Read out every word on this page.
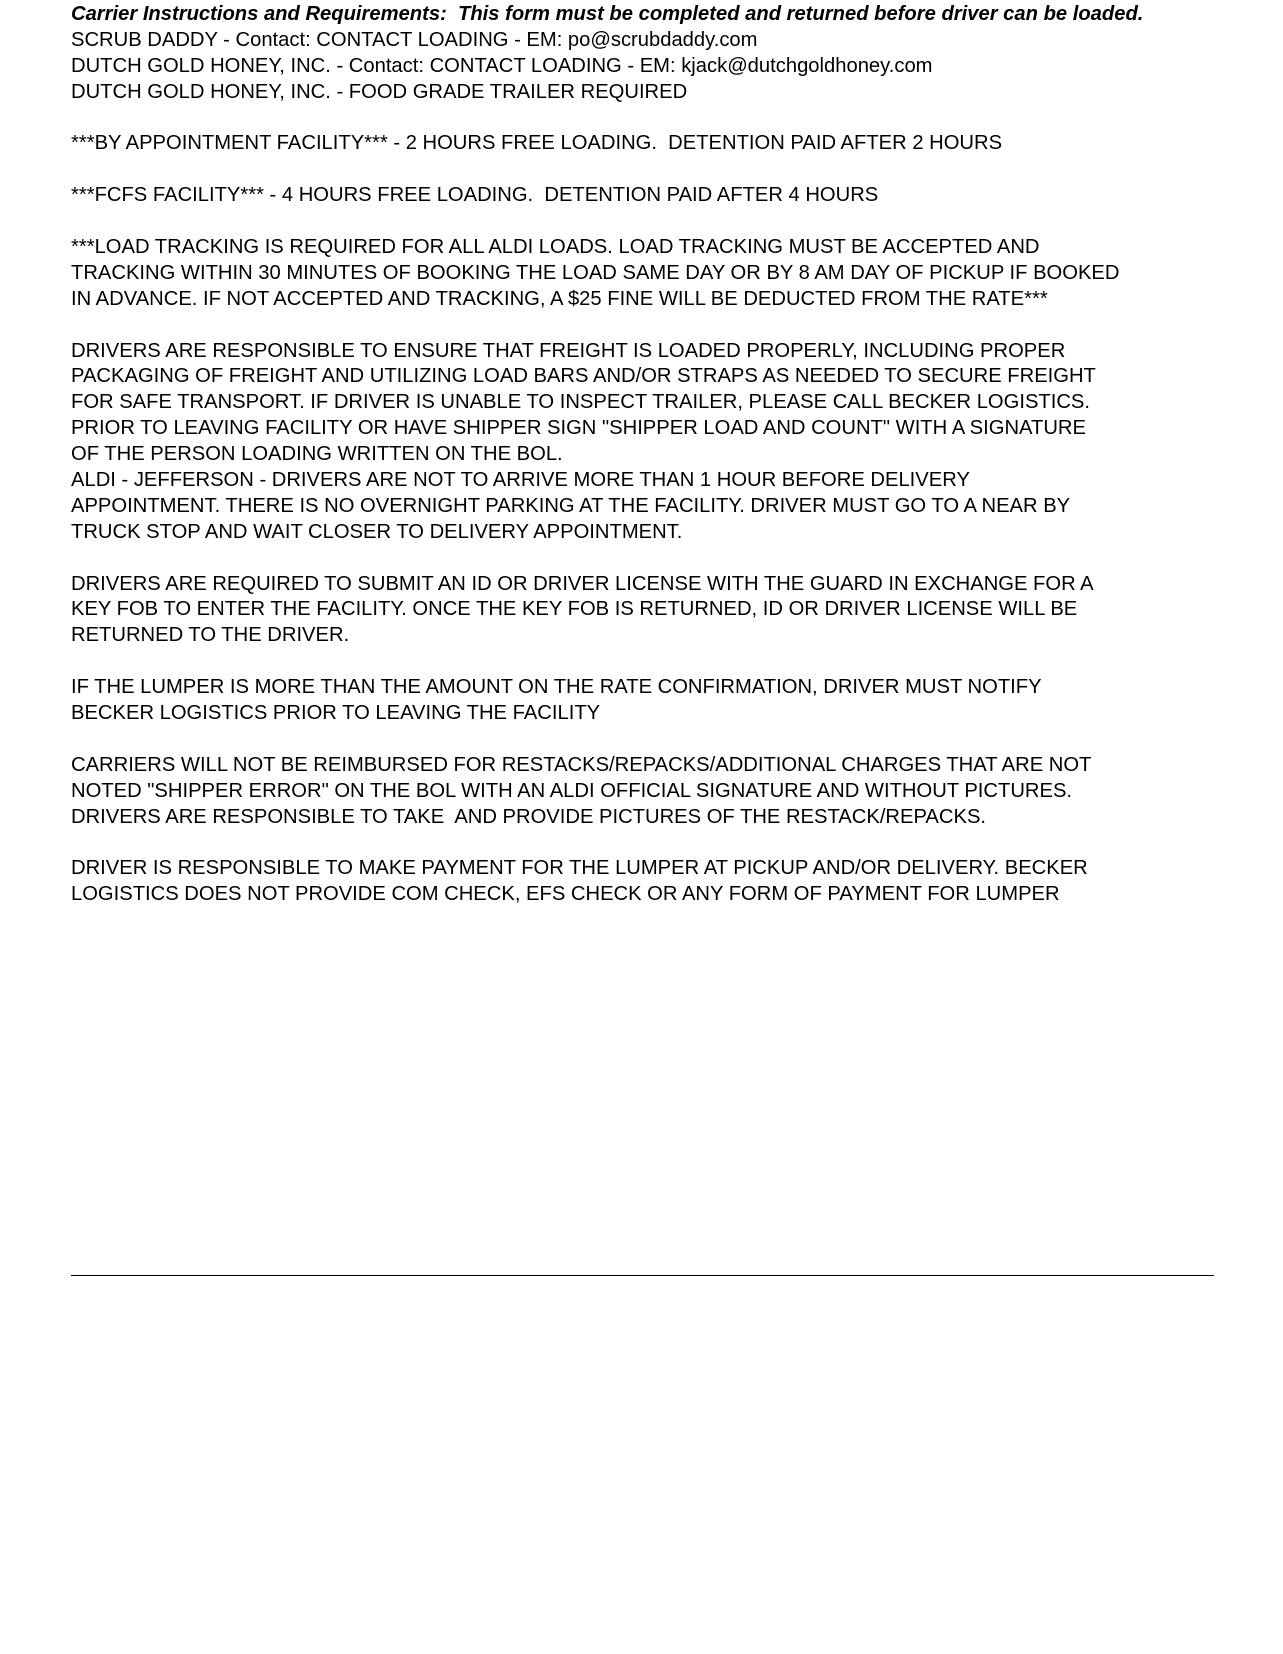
Carrier Instructions and Requirements:  This form must be completed and returned before driver can be loaded.
SCRUB DADDY - Contact: CONTACT LOADING - EM: po@scrubdaddy.com
DUTCH GOLD HONEY, INC. - Contact: CONTACT LOADING - EM: kjack@dutchgoldhoney.com
DUTCH GOLD HONEY, INC. - FOOD GRADE TRAILER REQUIRED
***BY APPOINTMENT FACILITY*** - 2 HOURS FREE LOADING.  DETENTION PAID AFTER 2 HOURS
***FCFS FACILITY*** - 4 HOURS FREE LOADING.  DETENTION PAID AFTER 4 HOURS
***LOAD TRACKING IS REQUIRED FOR ALL ALDI LOADS. LOAD TRACKING MUST BE ACCEPTED AND
TRACKING WITHIN 30 MINUTES OF BOOKING THE LOAD SAME DAY OR BY 8 AM DAY OF PICKUP IF BOOKED
IN ADVANCE. IF NOT ACCEPTED AND TRACKING, A $25 FINE WILL BE DEDUCTED FROM THE RATE***
DRIVERS ARE RESPONSIBLE TO ENSURE THAT FREIGHT IS LOADED PROPERLY, INCLUDING PROPER
PACKAGING OF FREIGHT AND UTILIZING LOAD BARS AND/OR STRAPS AS NEEDED TO SECURE FREIGHT
FOR SAFE TRANSPORT. IF DRIVER IS UNABLE TO INSPECT TRAILER, PLEASE CALL BECKER LOGISTICS.
PRIOR TO LEAVING FACILITY OR HAVE SHIPPER SIGN "SHIPPER LOAD AND COUNT" WITH A SIGNATURE
OF THE PERSON LOADING WRITTEN ON THE BOL.
ALDI - JEFFERSON - DRIVERS ARE NOT TO ARRIVE MORE THAN 1 HOUR BEFORE DELIVERY
APPOINTMENT. THERE IS NO OVERNIGHT PARKING AT THE FACILITY. DRIVER MUST GO TO A NEAR BY
TRUCK STOP AND WAIT CLOSER TO DELIVERY APPOINTMENT.
DRIVERS ARE REQUIRED TO SUBMIT AN ID OR DRIVER LICENSE WITH THE GUARD IN EXCHANGE FOR A
KEY FOB TO ENTER THE FACILITY. ONCE THE KEY FOB IS RETURNED, ID OR DRIVER LICENSE WILL BE
RETURNED TO THE DRIVER.
IF THE LUMPER IS MORE THAN THE AMOUNT ON THE RATE CONFIRMATION, DRIVER MUST NOTIFY
BECKER LOGISTICS PRIOR TO LEAVING THE FACILITY
CARRIERS WILL NOT BE REIMBURSED FOR RESTACKS/REPACKS/ADDITIONAL CHARGES THAT ARE NOT
NOTED "SHIPPER ERROR" ON THE BOL WITH AN ALDI OFFICIAL SIGNATURE AND WITHOUT PICTURES.
DRIVERS ARE RESPONSIBLE TO TAKE  AND PROVIDE PICTURES OF THE RESTACK/REPACKS.
DRIVER IS RESPONSIBLE TO MAKE PAYMENT FOR THE LUMPER AT PICKUP AND/OR DELIVERY. BECKER
LOGISTICS DOES NOT PROVIDE COM CHECK, EFS CHECK OR ANY FORM OF PAYMENT FOR LUMPER
